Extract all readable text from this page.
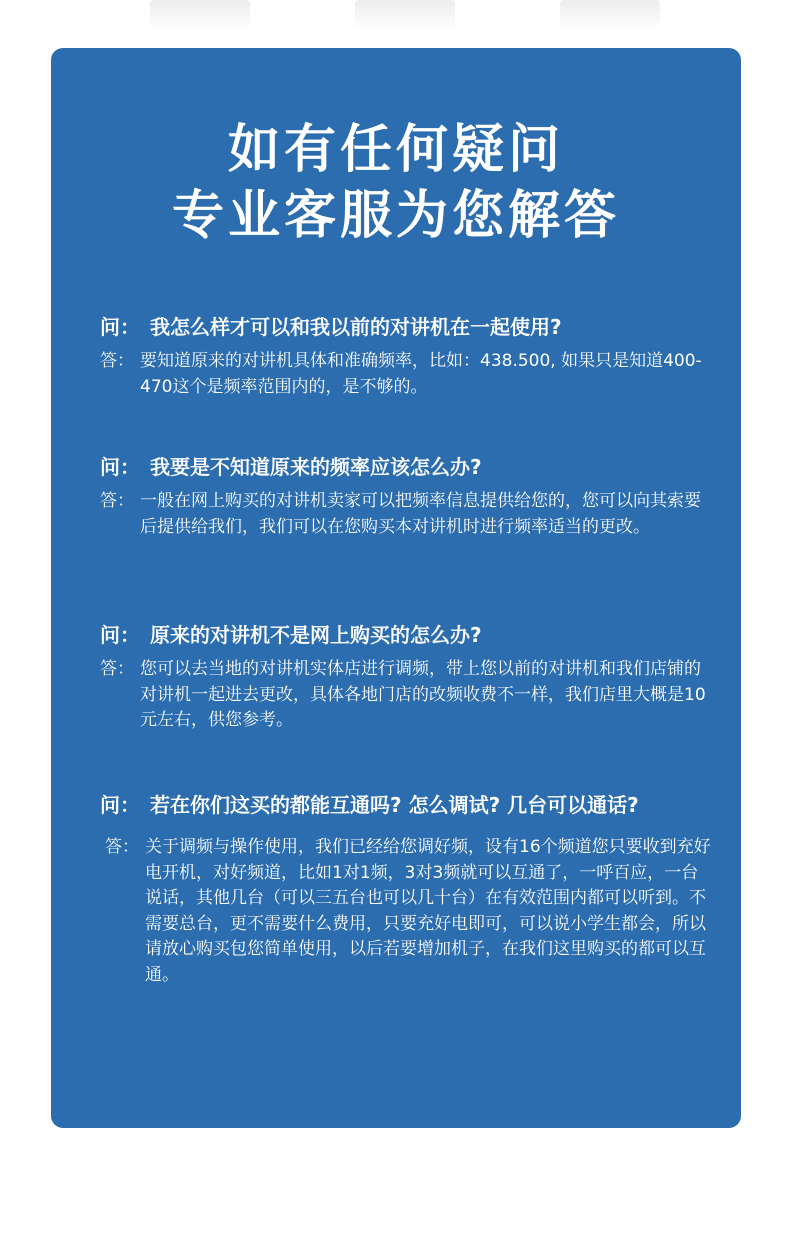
如有任何疑问
专业客服为您解答
问： 我怎么样才可以和我以前的对讲机在一起使用?
答： 要知道原来的对讲机具体和准确频率，比如：438.500, 如果只是知道400-470这个是频率范围内的，是不够的。
问： 我要是不知道原来的频率应该怎么办?
答： 一般在网上购买的对讲机卖家可以把频率信息提供给您的，您可以向其索要后提供给我们，我们可以在您购买本对讲机时进行频率适当的更改。
问： 原来的对讲机不是网上购买的怎么办?
答： 您可以去当地的对讲机实体店进行调频，带上您以前的对讲机和我们店铺的对讲机一起进去更改，具体各地门店的改频收费不一样，我们店里大概是10元左右，供您参考。
问： 若在你们这买的都能互通吗? 怎么调试? 几台可以通话?
答： 关于调频与操作使用，我们已经给您调好频，设有16个频道您只要收到充好电开机，对好频道，比如1对1频，3对3频就可以互通了，一呼百应，一台说话，其他几台（可以三五台也可以几十台）在有效范围内都可以听到。不需要总台，更不需要什么费用，只要充好电即可，可以说小学生都会，所以请放心购买包您简单使用，以后若要增加机子，在我们这里购买的都可以互通。
